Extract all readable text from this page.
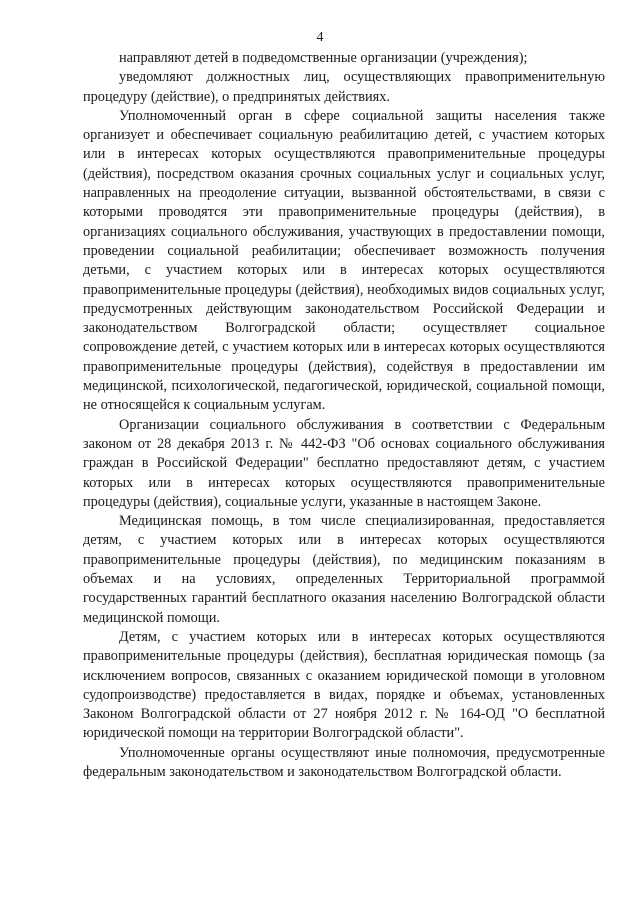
4

направляют детей в подведомственные организации (учреждения);

уведомляют должностных лиц, осуществляющих правоприменительную процедуру (действие), о предпринятых действиях.

Уполномоченный орган в сфере социальной защиты населения также организует и обеспечивает социальную реабилитацию детей, с участием которых или в интересах которых осуществляются правоприменительные процедуры (действия), посредством оказания срочных социальных услуг и социальных услуг, направленных на преодоление ситуации, вызванной обстоятельствами, в связи с которыми проводятся эти правоприменительные процедуры (действия), в организациях социального обслуживания, участвующих в предоставлении помощи, проведении социальной реабилитации; обеспечивает возможность получения детьми, с участием которых или в интересах которых осуществляются правоприменительные процедуры (действия), необходимых видов социальных услуг, предусмотренных действующим законодательством Российской Федерации и законодательством Волгоградской области; осуществляет социальное сопровождение детей, с участием которых или в интересах которых осуществляются правоприменительные процедуры (действия), содействуя в предоставлении им медицинской, психологической, педагогической, юридической, социальной помощи, не относящейся к социальным услугам.

Организации социального обслуживания в соответствии с Федеральным законом от 28 декабря 2013 г. № 442-ФЗ "Об основах социального обслуживания граждан в Российской Федерации" бесплатно предоставляют детям, с участием которых или в интересах которых осуществляются правоприменительные процедуры (действия), социальные услуги, указанные в настоящем Законе.

Медицинская помощь, в том числе специализированная, предоставляется детям, с участием которых или в интересах которых осуществляются правоприменительные процедуры (действия), по медицинским показаниям в объемах и на условиях, определенных Территориальной программой государственных гарантий бесплатного оказания населению Волгоградской области медицинской помощи.

Детям, с участием которых или в интересах которых осуществляются правоприменительные процедуры (действия), бесплатная юридическая помощь (за исключением вопросов, связанных с оказанием юридической помощи в уголовном судопроизводстве) предоставляется в видах, порядке и объемах, установленных Законом Волгоградской области от 27 ноября 2012 г. № 164-ОД "О бесплатной юридической помощи на территории Волгоградской области".

Уполномоченные органы осуществляют иные полномочия, предусмотренные федеральным законодательством и законодательством Волгоградской области.
